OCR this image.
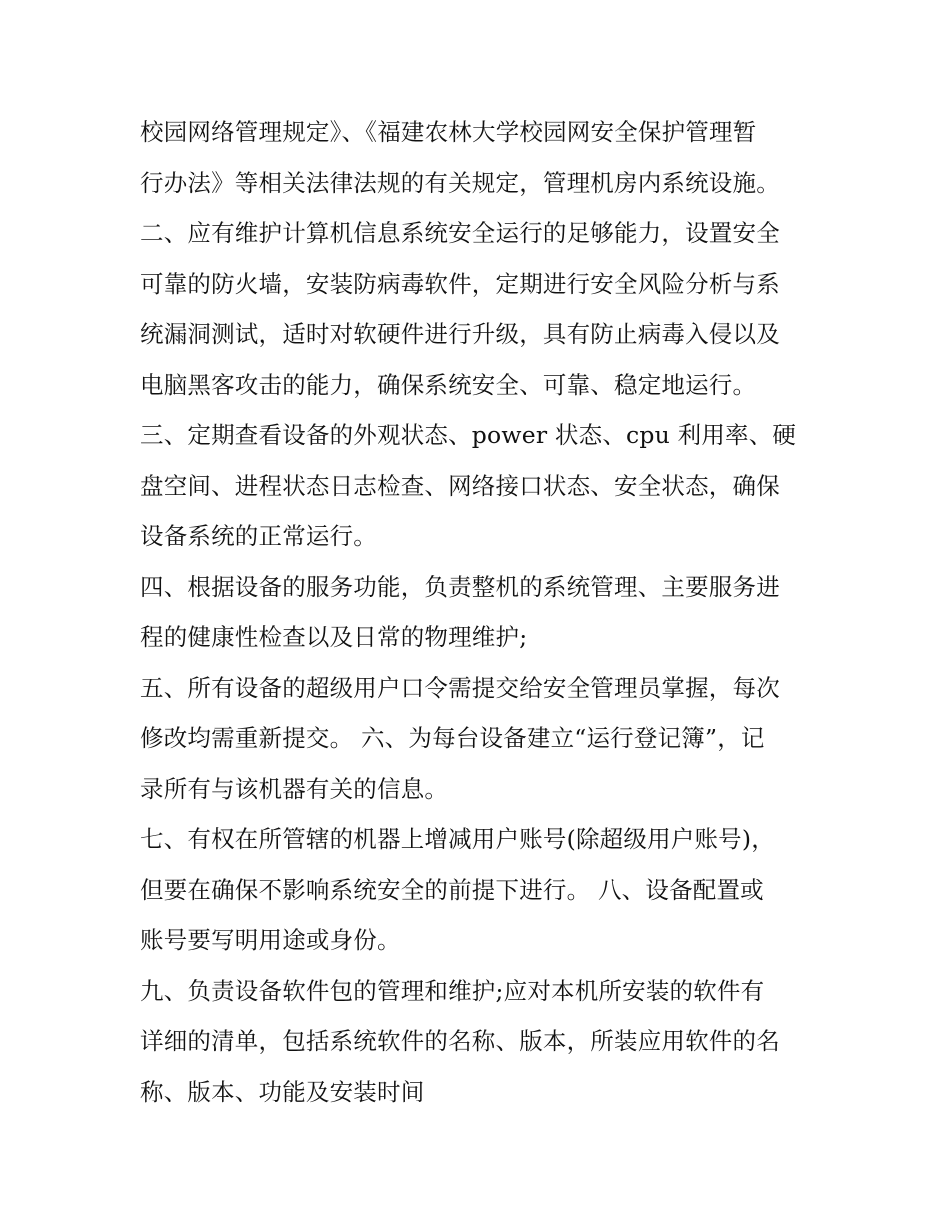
校园网络管理规定》、《福建农林大学校园网安全保护管理暂
行办法》等相关法律法规的有关规定，管理机房内系统设施。
二、应有维护计算机信息系统安全运行的足够能力，设置安全
可靠的防火墙，安装防病毒软件，定期进行安全风险分析与系
统漏洞测试，适时对软硬件进行升级，具有防止病毒入侵以及
电脑黑客攻击的能力，确保系统安全、可靠、稳定地运行。
三、定期查看设备的外观状态、power 状态、cpu 利用率、硬
盘空间、进程状态日志检查、网络接口状态、安全状态，确保
设备系统的正常运行。
四、根据设备的服务功能，负责整机的系统管理、主要服务进
程的健康性检查以及日常的物理维护;
五、所有设备的超级用户口令需提交给安全管理员掌握，每次
修改均需重新提交。 六、为每台设备建立“运行登记簿”，记
录所有与该机器有关的信息。
七、有权在所管辖的机器上增减用户账号(除超级用户账号)，
但要在确保不影响系统安全的前提下进行。 八、设备配置或
账号要写明用途或身份。
九、负责设备软件包的管理和维护;应对本机所安装的软件有
详细的清单，包括系统软件的名称、版本，所装应用软件的名
称、版本、功能及安装时间
